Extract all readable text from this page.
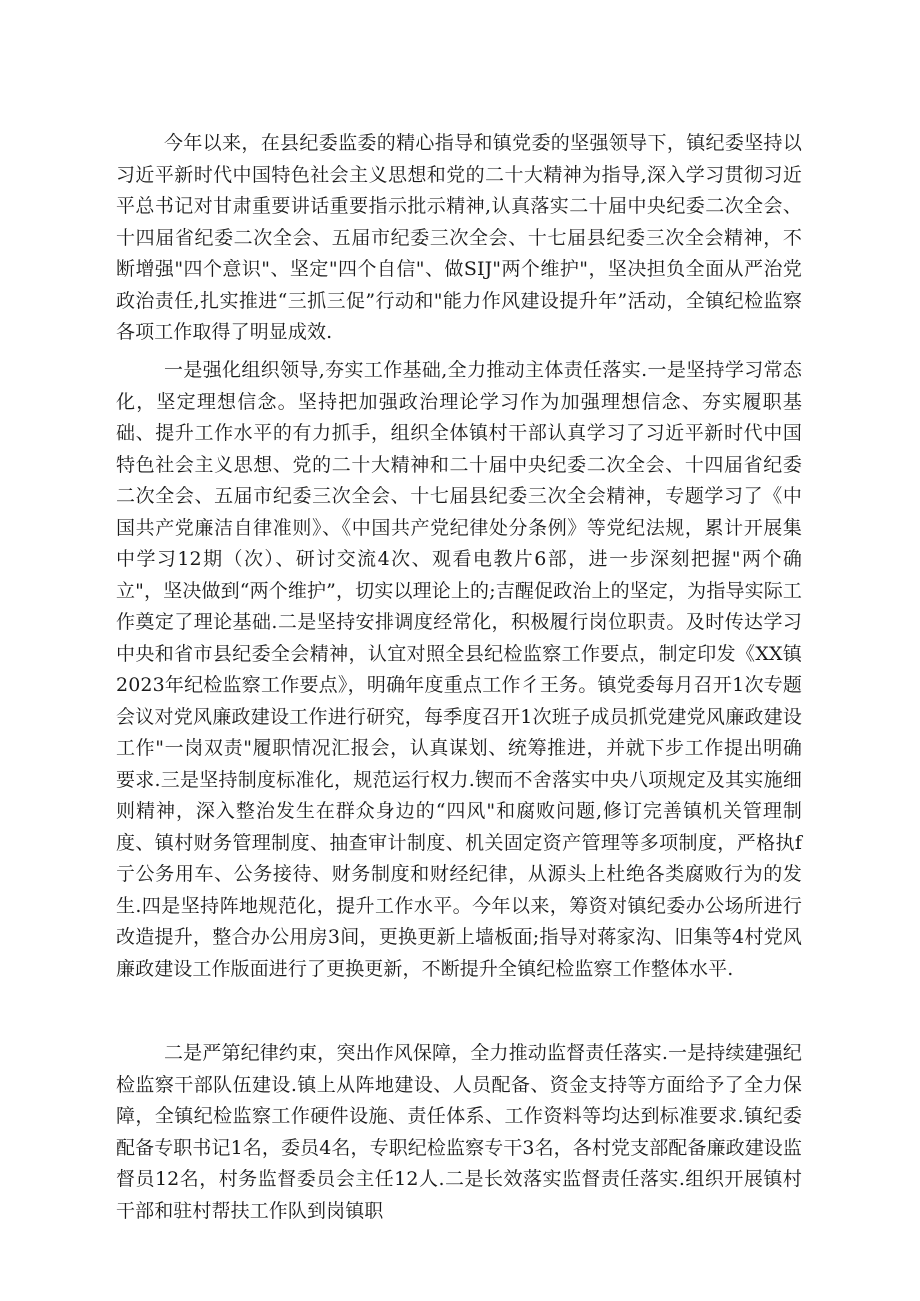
今年以来，在县纪委监委的精心指导和镇党委的坚强领导下，镇纪委坚持以习近平新时代中国特色社会主义思想和党的二十大精神为指导,深入学习贯彻习近平总书记对甘肃重要讲话重要指示批示精神,认真落实二十届中央纪委二次全会、十四届省纪委二次全会、五届市纪委三次全会、十七届县纪委三次全会精神，不断增强"四个意识"、坚定"四个自信"、做SIJ"两个维护"，坚决担负全面从严治党政治责任,扎实推进“三抓三促”行动和"能力作风建设提升年”活动，全镇纪检监察各项工作取得了明显成效.

一是强化组织领导,夯实工作基础,全力推动主体责任落实.一是坚持学习常态化，坚定理想信念。坚持把加强政治理论学习作为加强理想信念、夯实履职基础、提升工作水平的有力抓手，组织全体镇村干部认真学习了习近平新时代中国特色社会主义思想、党的二十大精神和二十届中央纪委二次全会、十四届省纪委二次全会、五届市纪委三次全会、十七届县纪委三次全会精神，专题学习了《中国共产党廉洁自律准则》、《中国共产党纪律处分条例》等党纪法规，累计开展集中学习12期（次）、研讨交流4次、观看电教片6部，进一步深刻把握"两个确立"，坚决做到“两个维护”，切实以理论上的;吉醒促政治上的坚定，为指导实际工作奠定了理论基础.二是坚持安排调度经常化，积极履行岗位职责。及时传达学习中央和省市县纪委全会精神，认宜对照全县纪检监察工作要点，制定印发《XX镇2023年纪检监察工作要点》，明确年度重点工作彳王务。镇党委每月召开1次专题会议对党风廉政建设工作进行研究，每季度召开1次班子成员抓党建党风廉政建设工作"一岗双责"履职情况汇报会，认真谋划、统筹推进，并就下步工作提出明确要求.三是坚持制度标准化，规范运行权力.锲而不舍落实中央八项规定及其实施细则精神，深入整治发生在群众身边的“四风"和腐败问题,修订完善镇机关管理制度、镇村财务管理制度、抽查审计制度、机关固定资产管理等多项制度，严格执f亍公务用车、公务接待、财务制度和财经纪律，从源头上杜绝各类腐败行为的发生.四是坚持阵地规范化，提升工作水平。今年以来，筹资对镇纪委办公场所进行改造提升，整合办公用房3间，更换更新上墙板面;指导对蒋家沟、旧集等4村党风廉政建设工作版面进行了更换更新，不断提升全镇纪检监察工作整体水平.

二是严第纪律约束，突出作风保障，全力推动监督责任落实.一是持续建强纪检监察干部队伍建设.镇上从阵地建设、人员配备、资金支持等方面给予了全力保障，全镇纪检监察工作硬件设施、责任体系、工作资料等均达到标准要求.镇纪委配备专职书记1名，委员4名，专职纪检监察专干3名，各村党支部配备廉政建设监督员12名，村务监督委员会主任12人.二是长效落实监督责任落实.组织开展镇村干部和驻村帮扶工作队到岗镇职
